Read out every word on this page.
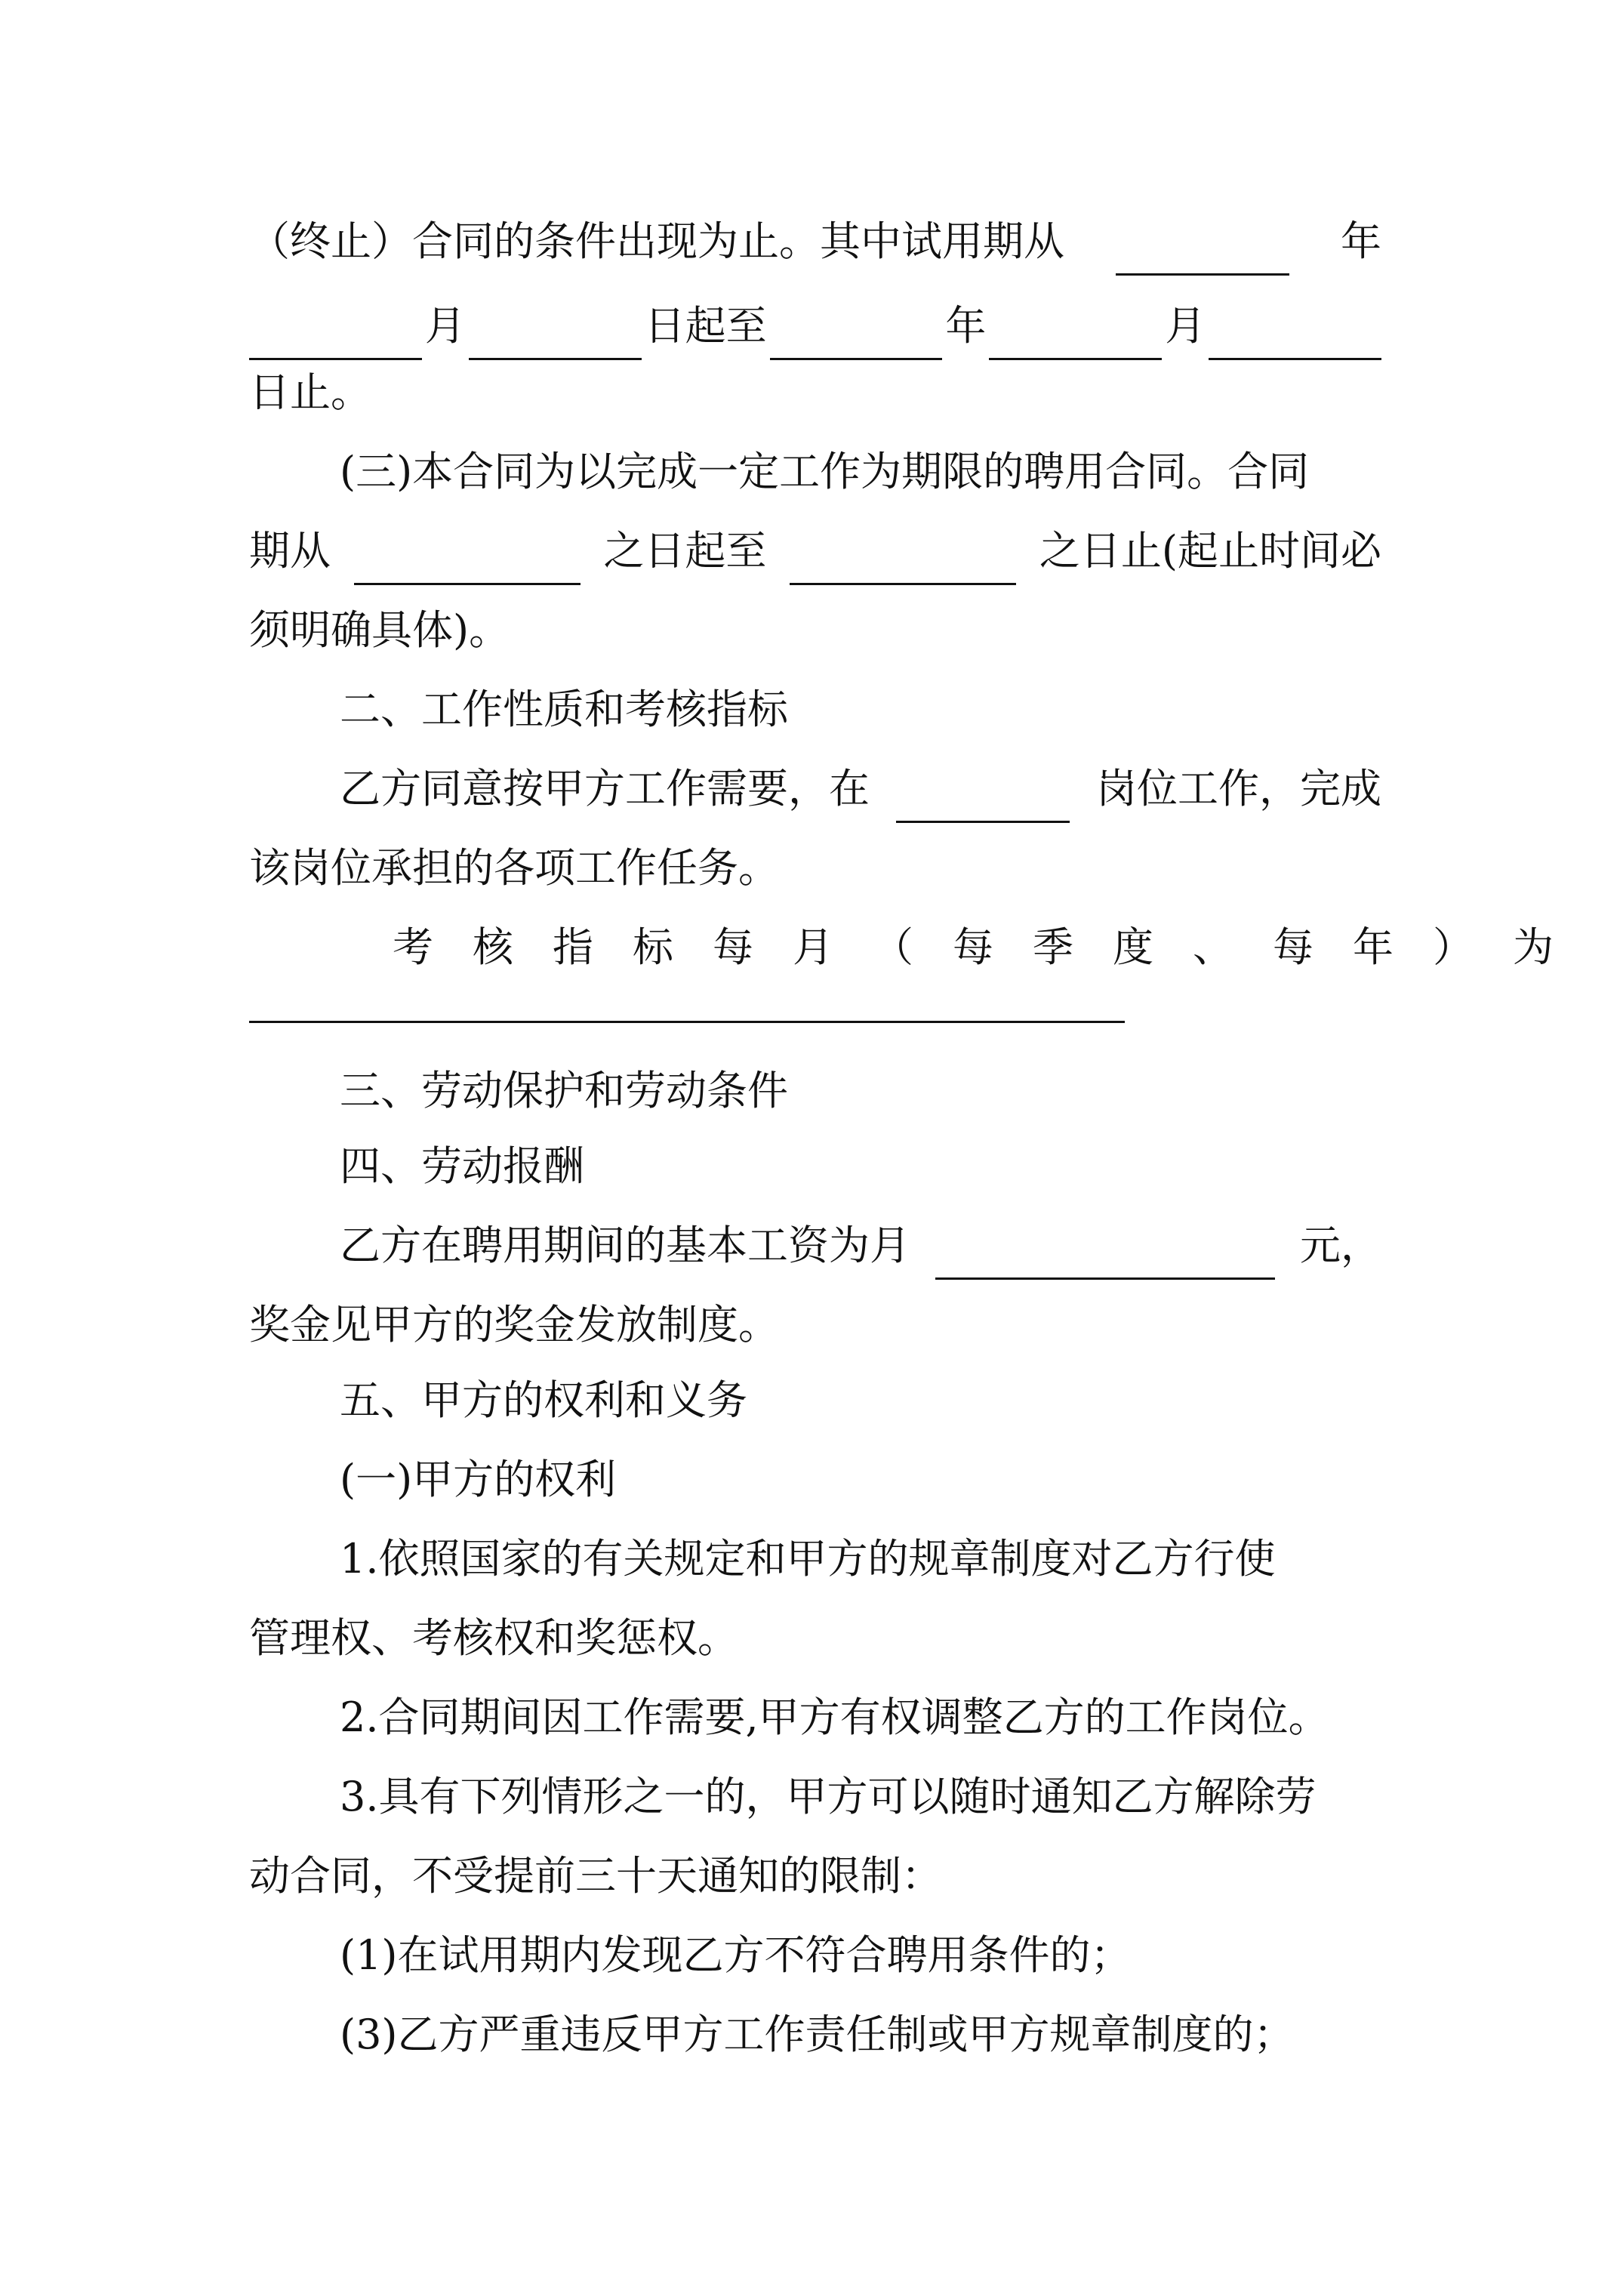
（终止）合同的条件出现为止。其中试用期从	年
月	日起至	年	月
日止。
(三)本合同为以完成一定工作为期限的聘用合同。合同
期从	之日起至	之日止(起止时间必
须明确具体)。
二、工作性质和考核指标
乙方同意按甲方工作需要，在	岗位工作，完成
该岗位承担的各项工作任务。
考核指标每月（每季度、每年）为
三、劳动保护和劳动条件
四、劳动报酬
乙方在聘用期间的基本工资为月	元，
奖金见甲方的奖金发放制度。
五、甲方的权利和义务
(一)甲方的权利
1.依照国家的有关规定和甲方的规章制度对乙方行使
管理权、考核权和奖惩权。
2.合同期间因工作需要,甲方有权调整乙方的工作岗位。
3.具有下列情形之一的，甲方可以随时通知乙方解除劳
动合同，不受提前三十天通知的限制：
(1)在试用期内发现乙方不符合聘用条件的；
(3)乙方严重违反甲方工作责任制或甲方规章制度的；
